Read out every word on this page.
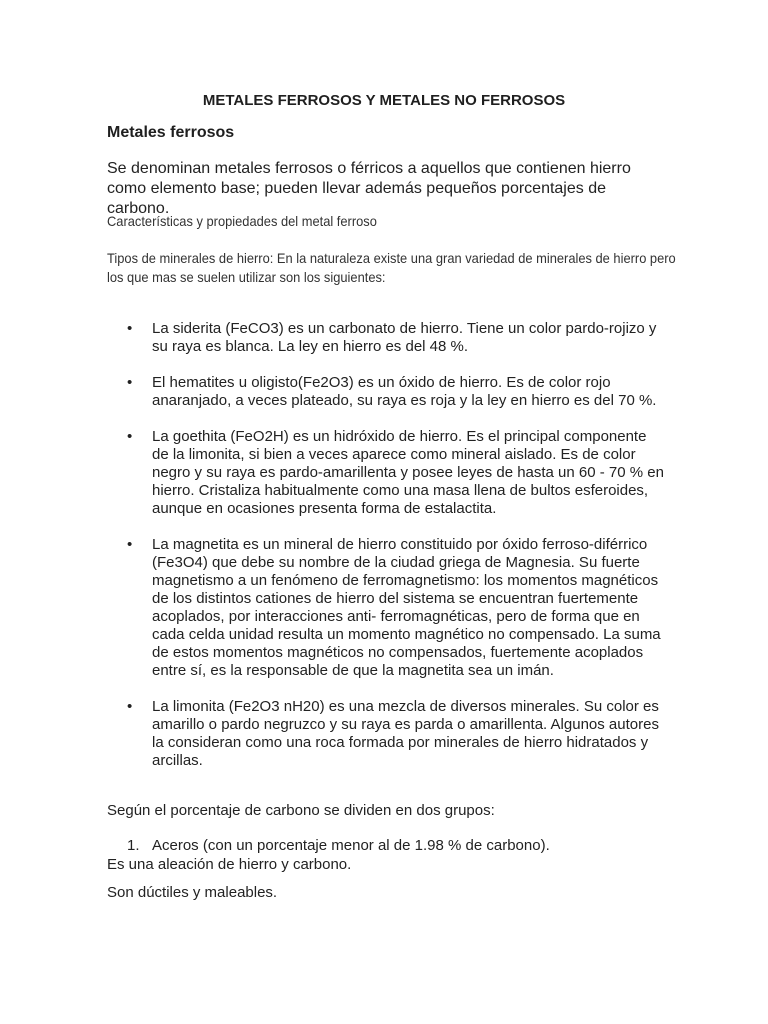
METALES FERROSOS Y METALES NO FERROSOS
Metales ferrosos
Se denominan metales ferrosos o férricos a aquellos que contienen hierro como elemento base; pueden llevar además pequeños porcentajes de carbono.
Características y propiedades del metal ferroso
Tipos de minerales de hierro: En la naturaleza existe una gran variedad de minerales de hierro pero los que mas se suelen utilizar son los siguientes:
• La siderita (FeCO3) es un carbonato de hierro. Tiene un color pardo-rojizo y su raya es blanca. La ley en hierro es del 48 %.
• El hematites u oligisto(Fe2O3) es un óxido de hierro. Es de color rojo anaranjado, a veces plateado, su raya es roja y la ley en hierro es del 70 %.
• La goethita (FeO2H) es un hidróxido de hierro. Es el principal componente de la limonita, si bien a veces aparece como mineral aislado. Es de color negro y su raya es pardo-amarillenta y posee leyes de hasta un 60 - 70 % en hierro. Cristaliza habitualmente como una masa llena de bultos esferoides, aunque en ocasiones presenta forma de estalactita.
• La magnetita es un mineral de hierro constituido por óxido ferroso-diférrico (Fe3O4) que debe su nombre de la ciudad griega de Magnesia. Su fuerte magnetismo a un fenómeno de ferromagnetismo: los momentos magnéticos de los distintos cationes de hierro del sistema se encuentran fuertemente acoplados, por interacciones anti- ferromagnéticas, pero de forma que en cada celda unidad resulta un momento magnético no compensado. La suma de estos momentos magnéticos no compensados, fuertemente acoplados entre sí, es la responsable de que la magnetita sea un imán.
• La limonita (Fe2O3 nH20) es una mezcla de diversos minerales. Su color es amarillo o pardo negruzco y su raya es parda o amarillenta. Algunos autores la consideran como una roca formada por minerales de hierro hidratados y arcillas.
Según el porcentaje de carbono se dividen en dos grupos:
1. Aceros (con un porcentaje menor al de 1.98 % de carbono).
Es una aleación de hierro y carbono.
Son dúctiles y maleables.
